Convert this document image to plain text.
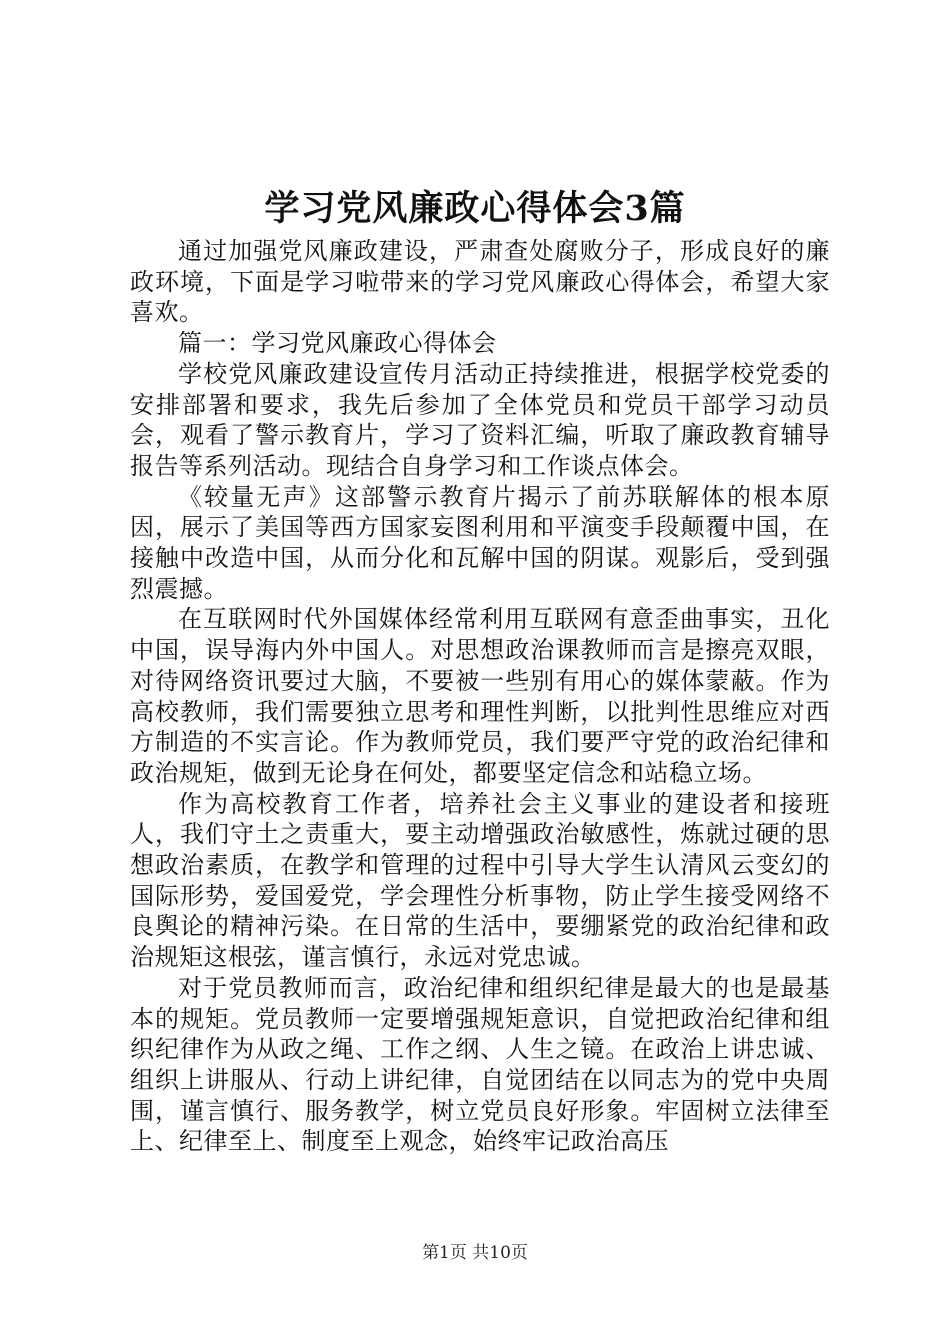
学习党风廉政心得体会3篇

通过加强党风廉政建设，严肃查处腐败分子，形成良好的廉政环境，下面是学习啦带来的学习党风廉政心得体会，希望大家喜欢。

篇一：学习党风廉政心得体会

学校党风廉政建设宣传月活动正持续推进，根据学校党委的安排部署和要求，我先后参加了全体党员和党员干部学习动员会，观看了警示教育片，学习了资料汇编，听取了廉政教育辅导报告等系列活动。现结合自身学习和工作谈点体会。

《较量无声》这部警示教育片揭示了前苏联解体的根本原因，展示了美国等西方国家妄图利用和平演变手段颠覆中国，在接触中改造中国，从而分化和瓦解中国的阴谋。观影后，受到强烈震撼。

在互联网时代外国媒体经常利用互联网有意歪曲事实，丑化中国，误导海内外中国人。对思想政治课教师而言是擦亮双眼，对待网络资讯要过大脑，不要被一些别有用心的媒体蒙蔽。作为高校教师，我们需要独立思考和理性判断，以批判性思维应对西方制造的不实言论。作为教师党员，我们要严守党的政治纪律和政治规矩，做到无论身在何处，都要坚定信念和站稳立场。

作为高校教育工作者，培养社会主义事业的建设者和接班人，我们守土之责重大，要主动增强政治敏感性，炼就过硬的思想政治素质，在教学和管理的过程中引导大学生认清风云变幻的国际形势，爱国爱党，学会理性分析事物，防止学生接受网络不良舆论的精神污染。在日常的生活中，要绷紧党的政治纪律和政治规矩这根弦，谨言慎行，永远对党忠诚。

对于党员教师而言，政治纪律和组织纪律是最大的也是最基本的规矩。党员教师一定要增强规矩意识，自觉把政治纪律和组织纪律作为从政之绳、工作之纲、人生之镜。在政治上讲忠诚、组织上讲服从、行动上讲纪律，自觉团结在以同志为的党中央周围，谨言慎行、服务教学，树立党员良好形象。牢固树立法律至上、纪律至上、制度至上观念，始终牢记政治高压

第1页 共10页
